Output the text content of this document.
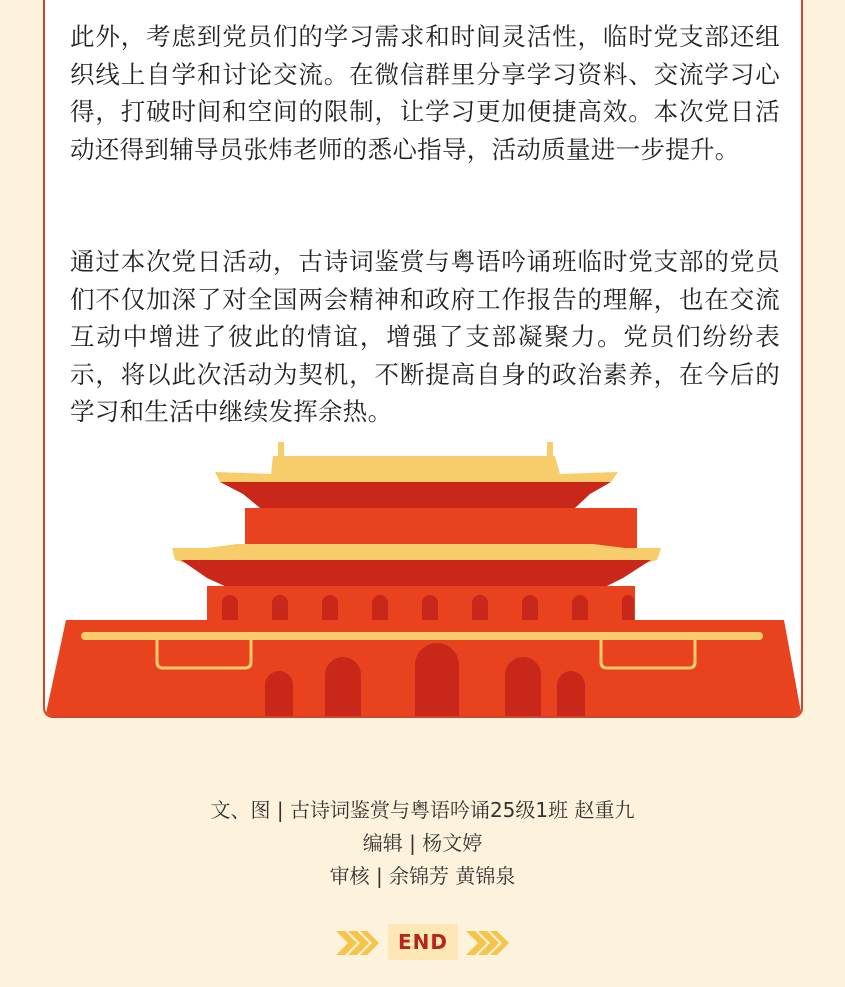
此外，考虑到党员们的学习需求和时间灵活性，临时党支部还组织线上自学和讨论交流。在微信群里分享学习资料、交流学习心得，打破时间和空间的限制，让学习更加便捷高效。本次党日活动还得到辅导员张炜老师的悉心指导，活动质量进一步提升。

通过本次党日活动，古诗词鉴赏与粤语吟诵班临时党支部的党员们不仅加深了对全国两会精神和政府工作报告的理解，也在交流互动中增进了彼此的情谊，增强了支部凝聚力。党员们纷纷表示，将以此次活动为契机，不断提高自身的政治素养，在今后的学习和生活中继续发挥余热。

文、图 | 古诗词鉴赏与粤语吟诵25级1班 赵重九
编辑 | 杨文婷
审核 | 余锦芳 黄锦泉
END
